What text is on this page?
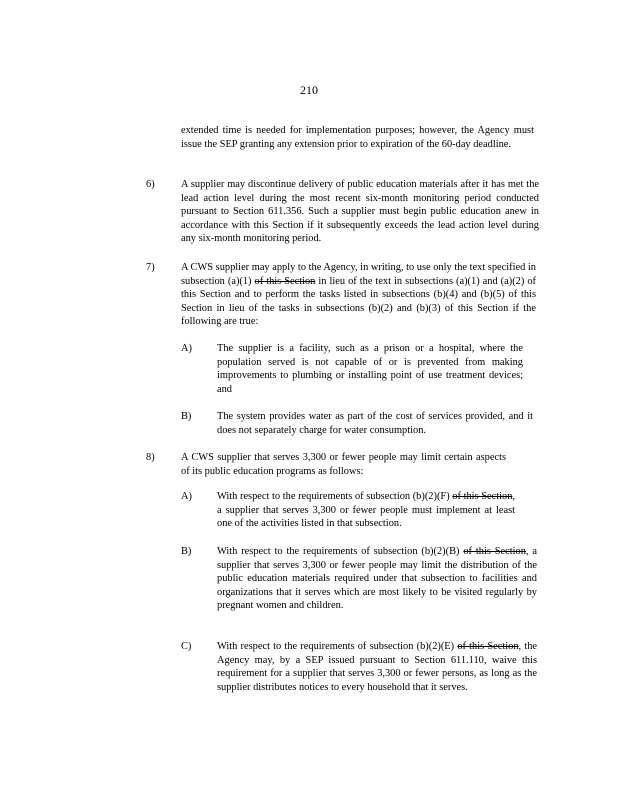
210
extended time is needed for implementation purposes; however, the Agency must issue the SEP granting any extension prior to expiration of the 60-day deadline.
6)	A supplier may discontinue delivery of public education materials after it has met the lead action level during the most recent six-month monitoring period conducted pursuant to Section 611.356. Such a supplier must begin public education anew in accordance with this Section if it subsequently exceeds the lead action level during any six-month monitoring period.
7)	A CWS supplier may apply to the Agency, in writing, to use only the text specified in subsection (a)(1) of this Section in lieu of the text in subsections (a)(1) and (a)(2) of this Section and to perform the tasks listed in subsections (b)(4) and (b)(5) of this Section in lieu of the tasks in subsections (b)(2) and (b)(3) of this Section if the following are true:
A) The supplier is a facility, such as a prison or a hospital, where the population served is not capable of or is prevented from making improvements to plumbing or installing point of use treatment devices; and
B) The system provides water as part of the cost of services provided, and it does not separately charge for water consumption.
8)	A CWS supplier that serves 3,300 or fewer people may limit certain aspects of its public education programs as follows:
A) With respect to the requirements of subsection (b)(2)(F) of this Section, a supplier that serves 3,300 or fewer people must implement at least one of the activities listed in that subsection.
B) With respect to the requirements of subsection (b)(2)(B) of this Section, a supplier that serves 3,300 or fewer people may limit the distribution of the public education materials required under that subsection to facilities and organizations that it serves which are most likely to be visited regularly by pregnant women and children.
C) With respect to the requirements of subsection (b)(2)(E) of this Section, the Agency may, by a SEP issued pursuant to Section 611.110, waive this requirement for a supplier that serves 3,300 or fewer persons, as long as the supplier distributes notices to every household that it serves.
